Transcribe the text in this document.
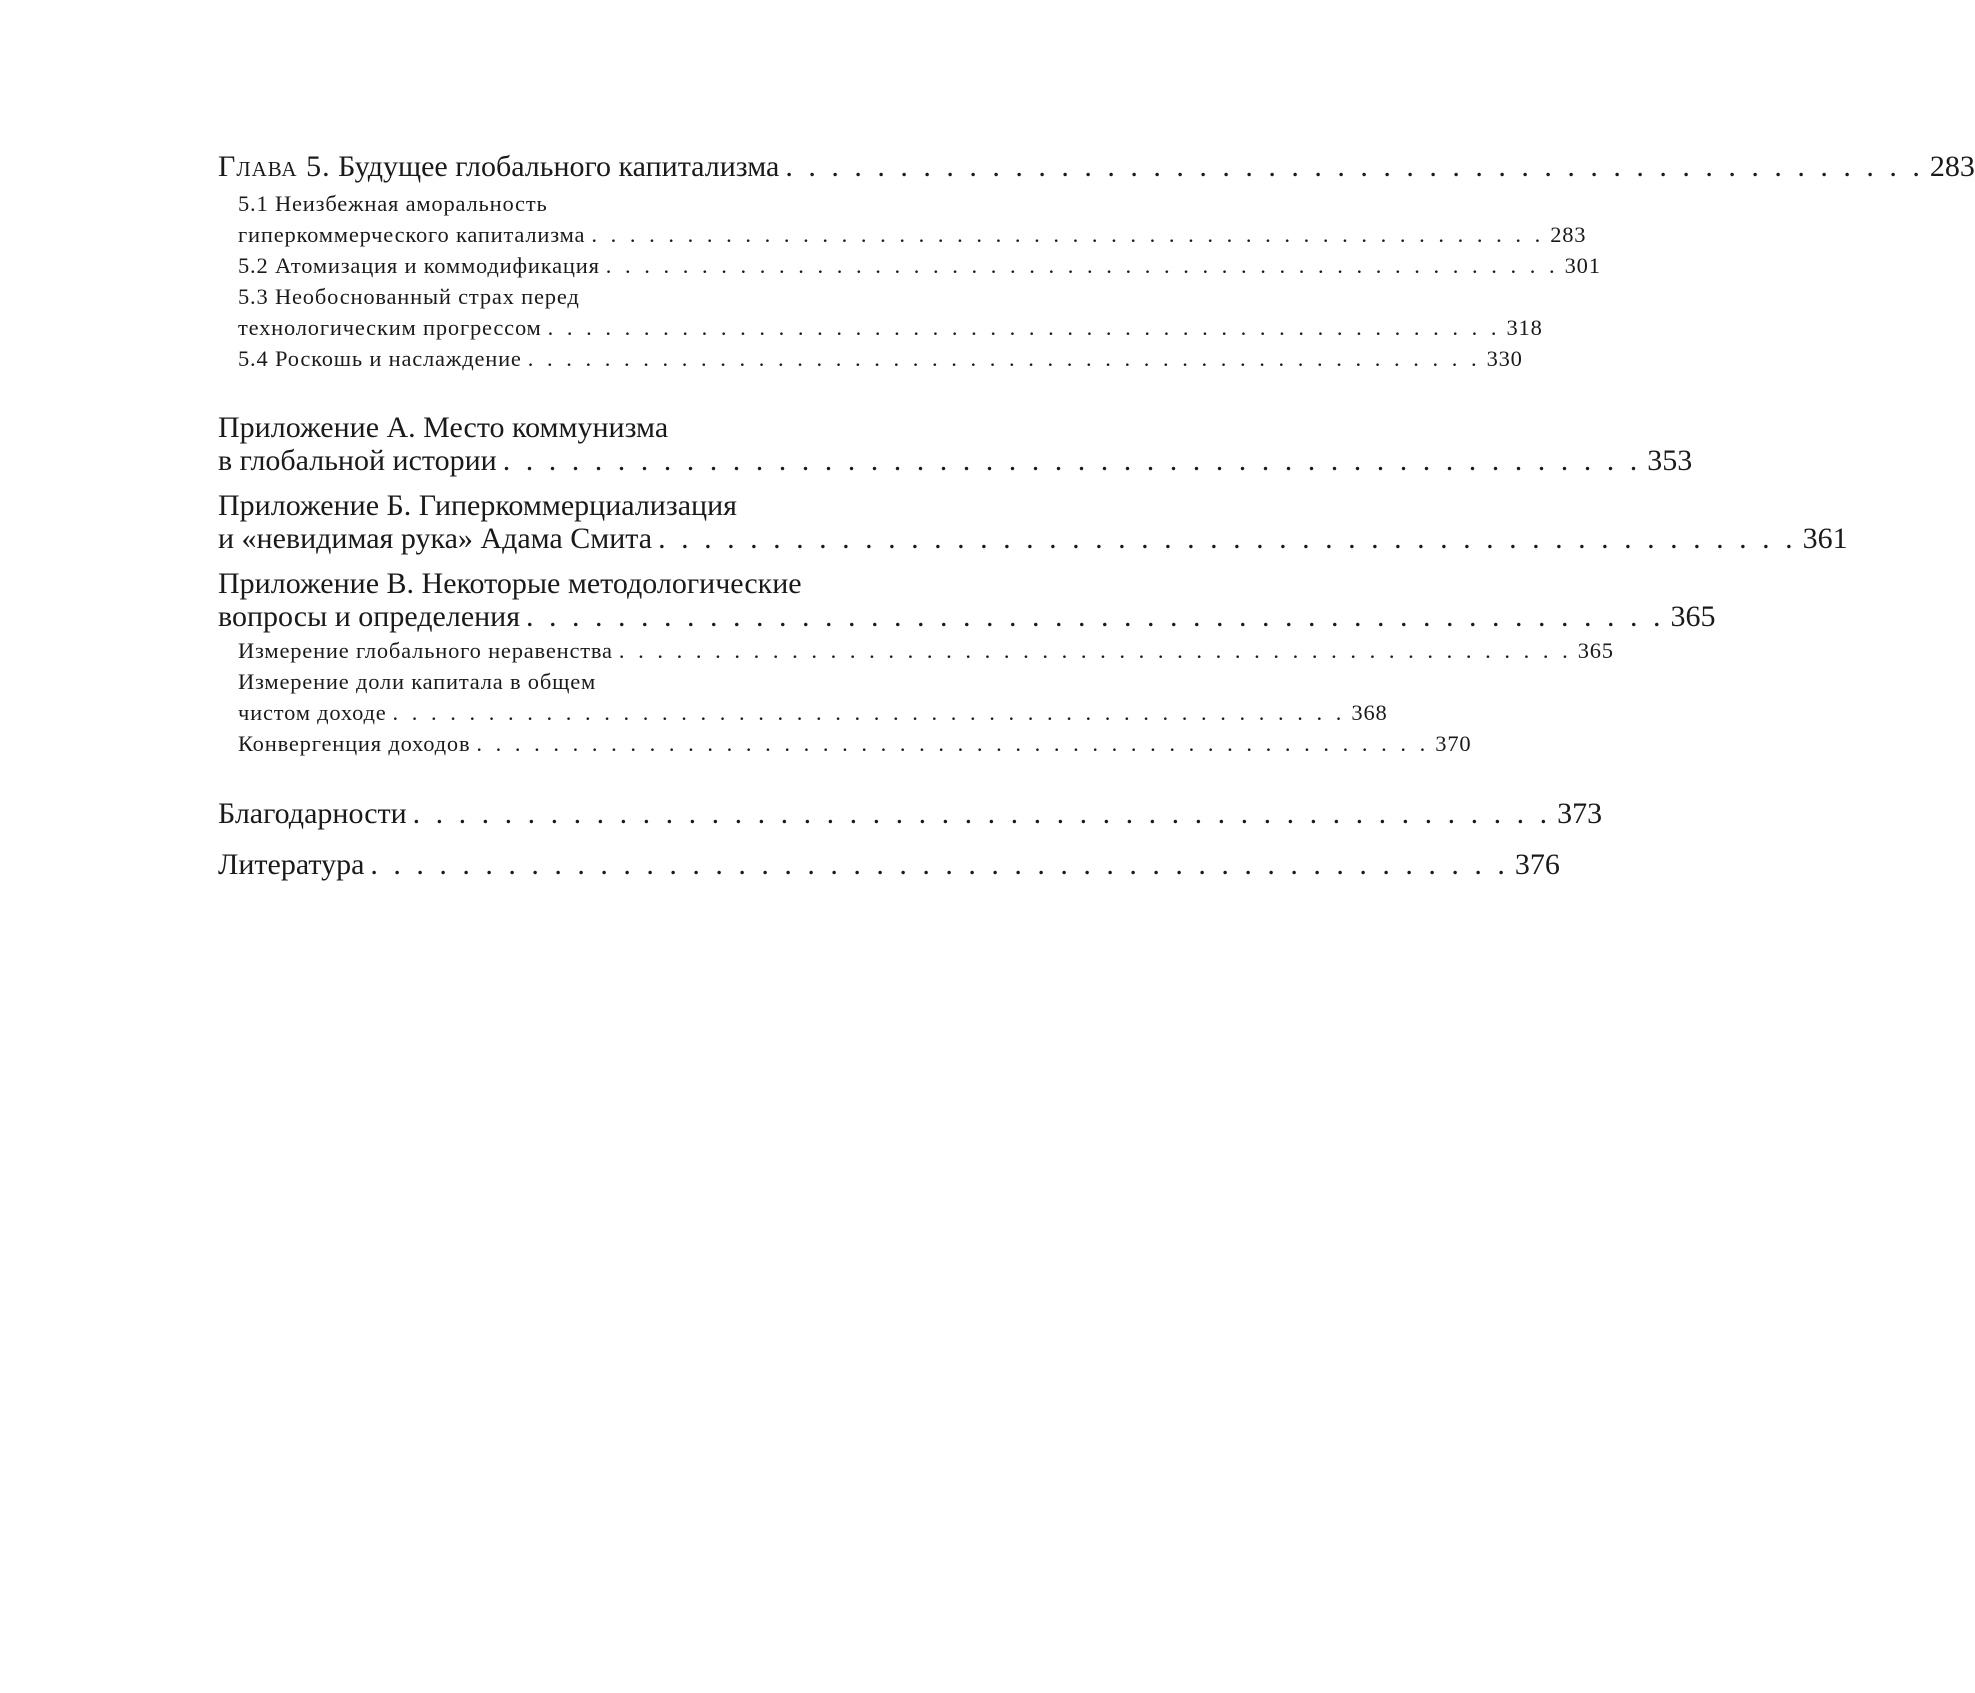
Глава 5. Будущее глобального капитализма . . . . . . . . . . . . . . . . . . . . . . . . . . . . . . . . . . . . . . . . . . . . . . . . . . 283
5.1 Неизбежная аморальность
гиперкоммерческого капитализма . . . . . . . . . . . . . . . . . . . . . . . . . . . . . . . . . . . . . . . . . . . . . . . . . . 283
5.2 Атомизация и коммодификация . . . . . . . . . . . . . . . . . . . . . . . . . . . . . . . . . . . . . . . . . . . . . . . . . . 301
5.3 Необоснованный страх перед
технологическим прогрессом . . . . . . . . . . . . . . . . . . . . . . . . . . . . . . . . . . . . . . . . . . . . . . . . . . 318
5.4 Роскошь и наслаждение . . . . . . . . . . . . . . . . . . . . . . . . . . . . . . . . . . . . . . . . . . . . . . . . . . 330
Приложение А. Место коммунизма
в глобальной истории . . . . . . . . . . . . . . . . . . . . . . . . . . . . . . . . . . . . . . . . . . . . . . . . . . 353
Приложение Б. Гиперкоммерциализация
и «невидимая рука» Адама Смита . . . . . . . . . . . . . . . . . . . . . . . . . . . . . . . . . . . . . . . . . . . . . . . . . . 361
Приложение В. Некоторые методологические
вопросы и определения . . . . . . . . . . . . . . . . . . . . . . . . . . . . . . . . . . . . . . . . . . . . . . . . . . 365
Измерение глобального неравенства . . . . . . . . . . . . . . . . . . . . . . . . . . . . . . . . . . . . . . . . . . . . . . . . . . 365
Измерение доли капитала в общем
чистом доходе . . . . . . . . . . . . . . . . . . . . . . . . . . . . . . . . . . . . . . . . . . . . . . . . . . 368
Конвергенция доходов . . . . . . . . . . . . . . . . . . . . . . . . . . . . . . . . . . . . . . . . . . . . . . . . . . 370
Благодарности . . . . . . . . . . . . . . . . . . . . . . . . . . . . . . . . . . . . . . . . . . . . . . . . . . 373
Литература . . . . . . . . . . . . . . . . . . . . . . . . . . . . . . . . . . . . . . . . . . . . . . . . . . 376
